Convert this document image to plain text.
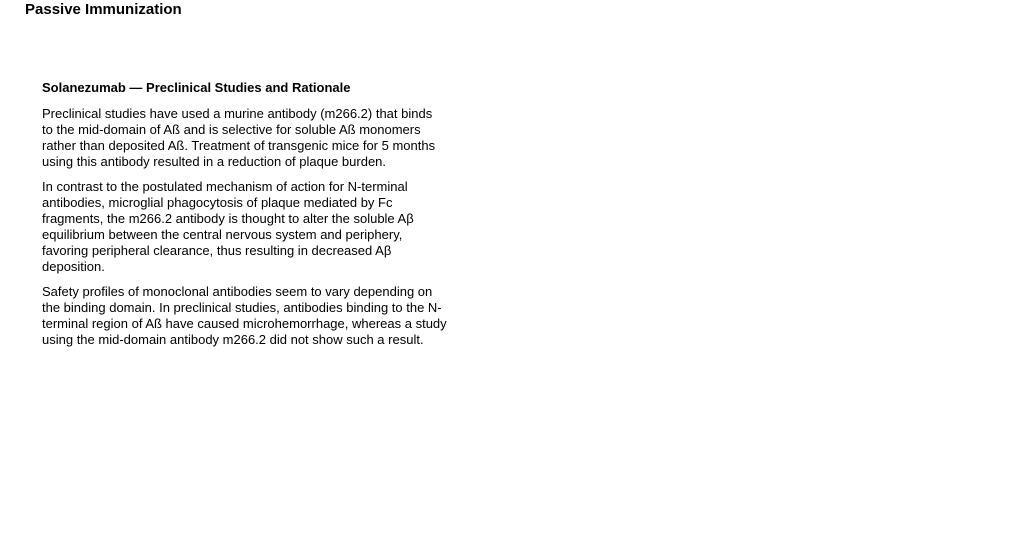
Passive Immunization
Solanezumab — Preclinical Studies and Rationale
Preclinical studies have used a murine antibody (m266.2) that binds
to the mid-domain of Aß and is selective for soluble Aß monomers
rather than deposited Aß. Treatment of transgenic mice for 5 months
using this antibody resulted in a reduction of plaque burden.
In contrast to the postulated mechanism of action for N-terminal
antibodies, microglial phagocytosis of plaque mediated by Fc
fragments, the m266.2 antibody is thought to alter the soluble Aβ
equilibrium between the central nervous system and periphery,
favoring peripheral clearance, thus resulting in decreased Aβ
deposition.
Safety profiles of monoclonal antibodies seem to vary depending on
the binding domain. In preclinical studies, antibodies binding to the N-
terminal region of Aß have caused microhemorrhage, whereas a study
using the mid-domain antibody m266.2 did not show such a result.
